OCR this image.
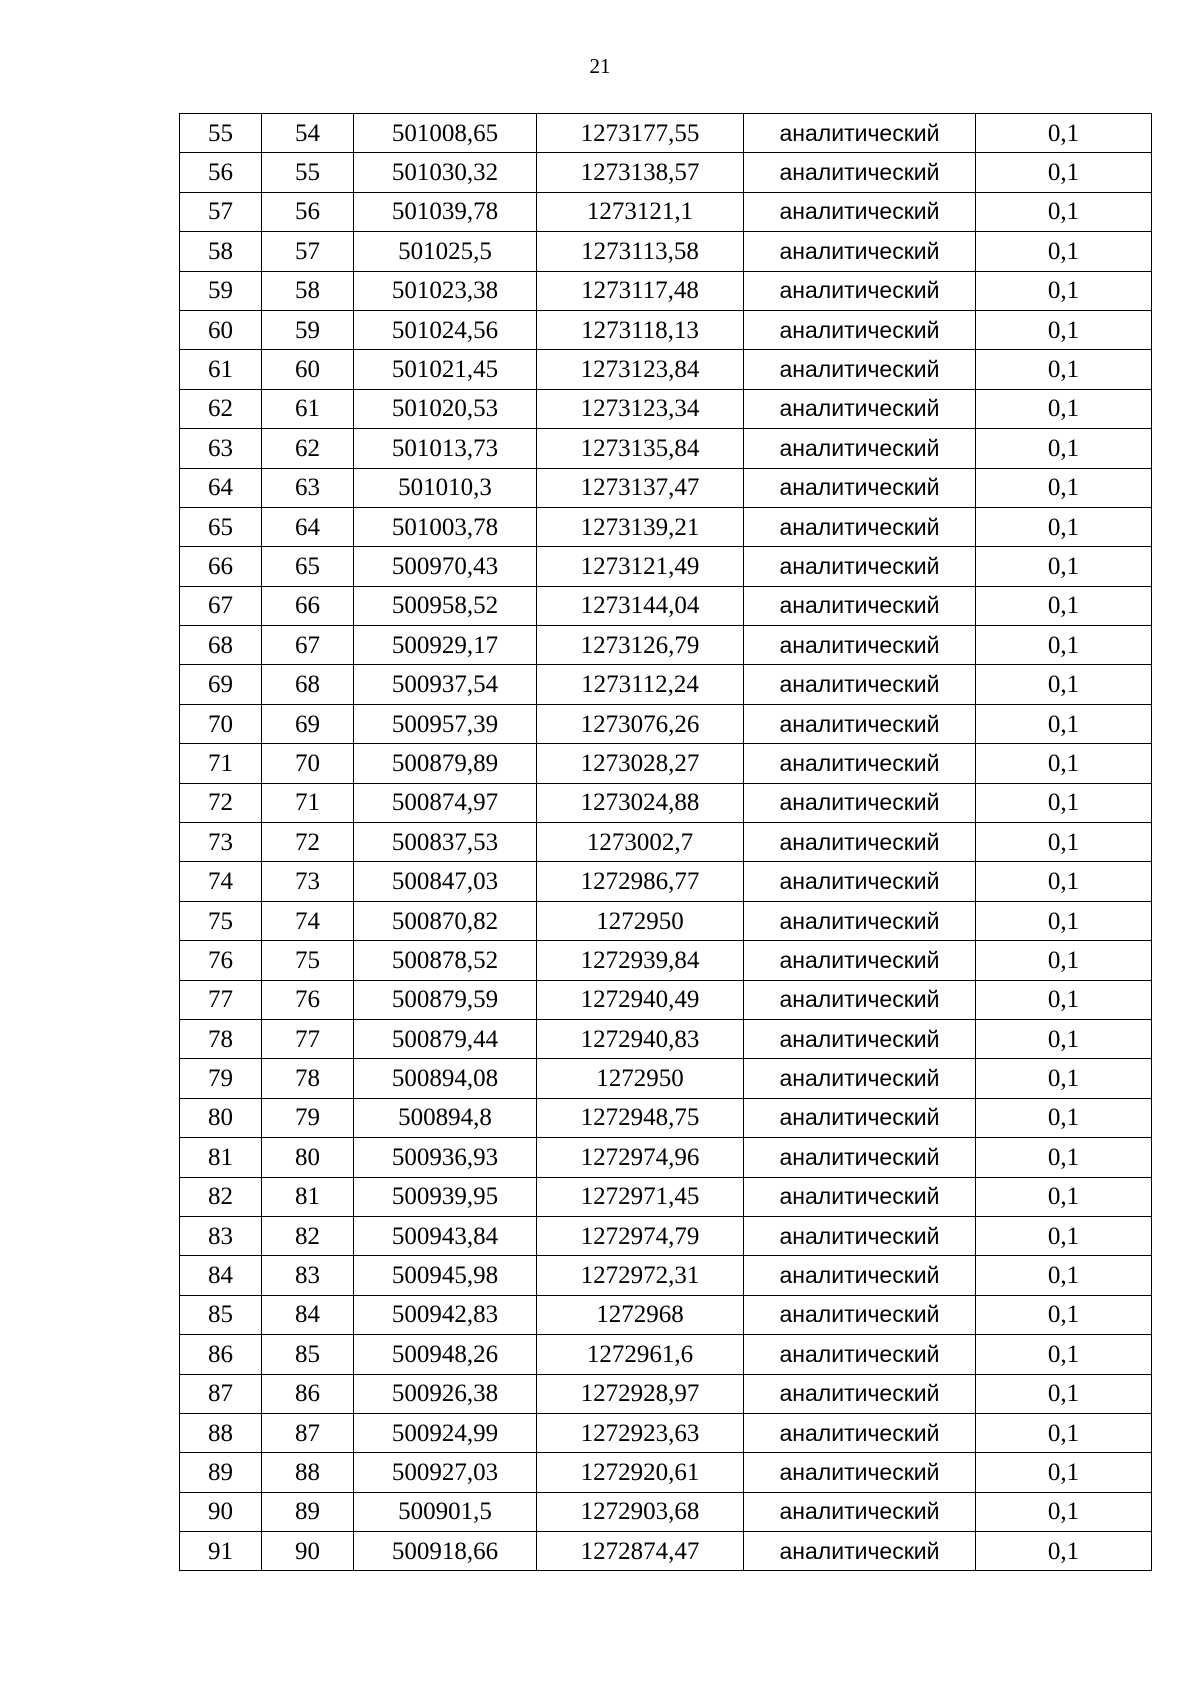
21
55	54	501008,65	1273177,55	аналитический	0,1
56	55	501030,32	1273138,57	аналитический	0,1
57	56	501039,78	1273121,1	аналитический	0,1
58	57	501025,5	1273113,58	аналитический	0,1
59	58	501023,38	1273117,48	аналитический	0,1
60	59	501024,56	1273118,13	аналитический	0,1
61	60	501021,45	1273123,84	аналитический	0,1
62	61	501020,53	1273123,34	аналитический	0,1
63	62	501013,73	1273135,84	аналитический	0,1
64	63	501010,3	1273137,47	аналитический	0,1
65	64	501003,78	1273139,21	аналитический	0,1
66	65	500970,43	1273121,49	аналитический	0,1
67	66	500958,52	1273144,04	аналитический	0,1
68	67	500929,17	1273126,79	аналитический	0,1
69	68	500937,54	1273112,24	аналитический	0,1
70	69	500957,39	1273076,26	аналитический	0,1
71	70	500879,89	1273028,27	аналитический	0,1
72	71	500874,97	1273024,88	аналитический	0,1
73	72	500837,53	1273002,7	аналитический	0,1
74	73	500847,03	1272986,77	аналитический	0,1
75	74	500870,82	1272950	аналитический	0,1
76	75	500878,52	1272939,84	аналитический	0,1
77	76	500879,59	1272940,49	аналитический	0,1
78	77	500879,44	1272940,83	аналитический	0,1
79	78	500894,08	1272950	аналитический	0,1
80	79	500894,8	1272948,75	аналитический	0,1
81	80	500936,93	1272974,96	аналитический	0,1
82	81	500939,95	1272971,45	аналитический	0,1
83	82	500943,84	1272974,79	аналитический	0,1
84	83	500945,98	1272972,31	аналитический	0,1
85	84	500942,83	1272968	аналитический	0,1
86	85	500948,26	1272961,6	аналитический	0,1
87	86	500926,38	1272928,97	аналитический	0,1
88	87	500924,99	1272923,63	аналитический	0,1
89	88	500927,03	1272920,61	аналитический	0,1
90	89	500901,5	1272903,68	аналитический	0,1
91	90	500918,66	1272874,47	аналитический	0,1
